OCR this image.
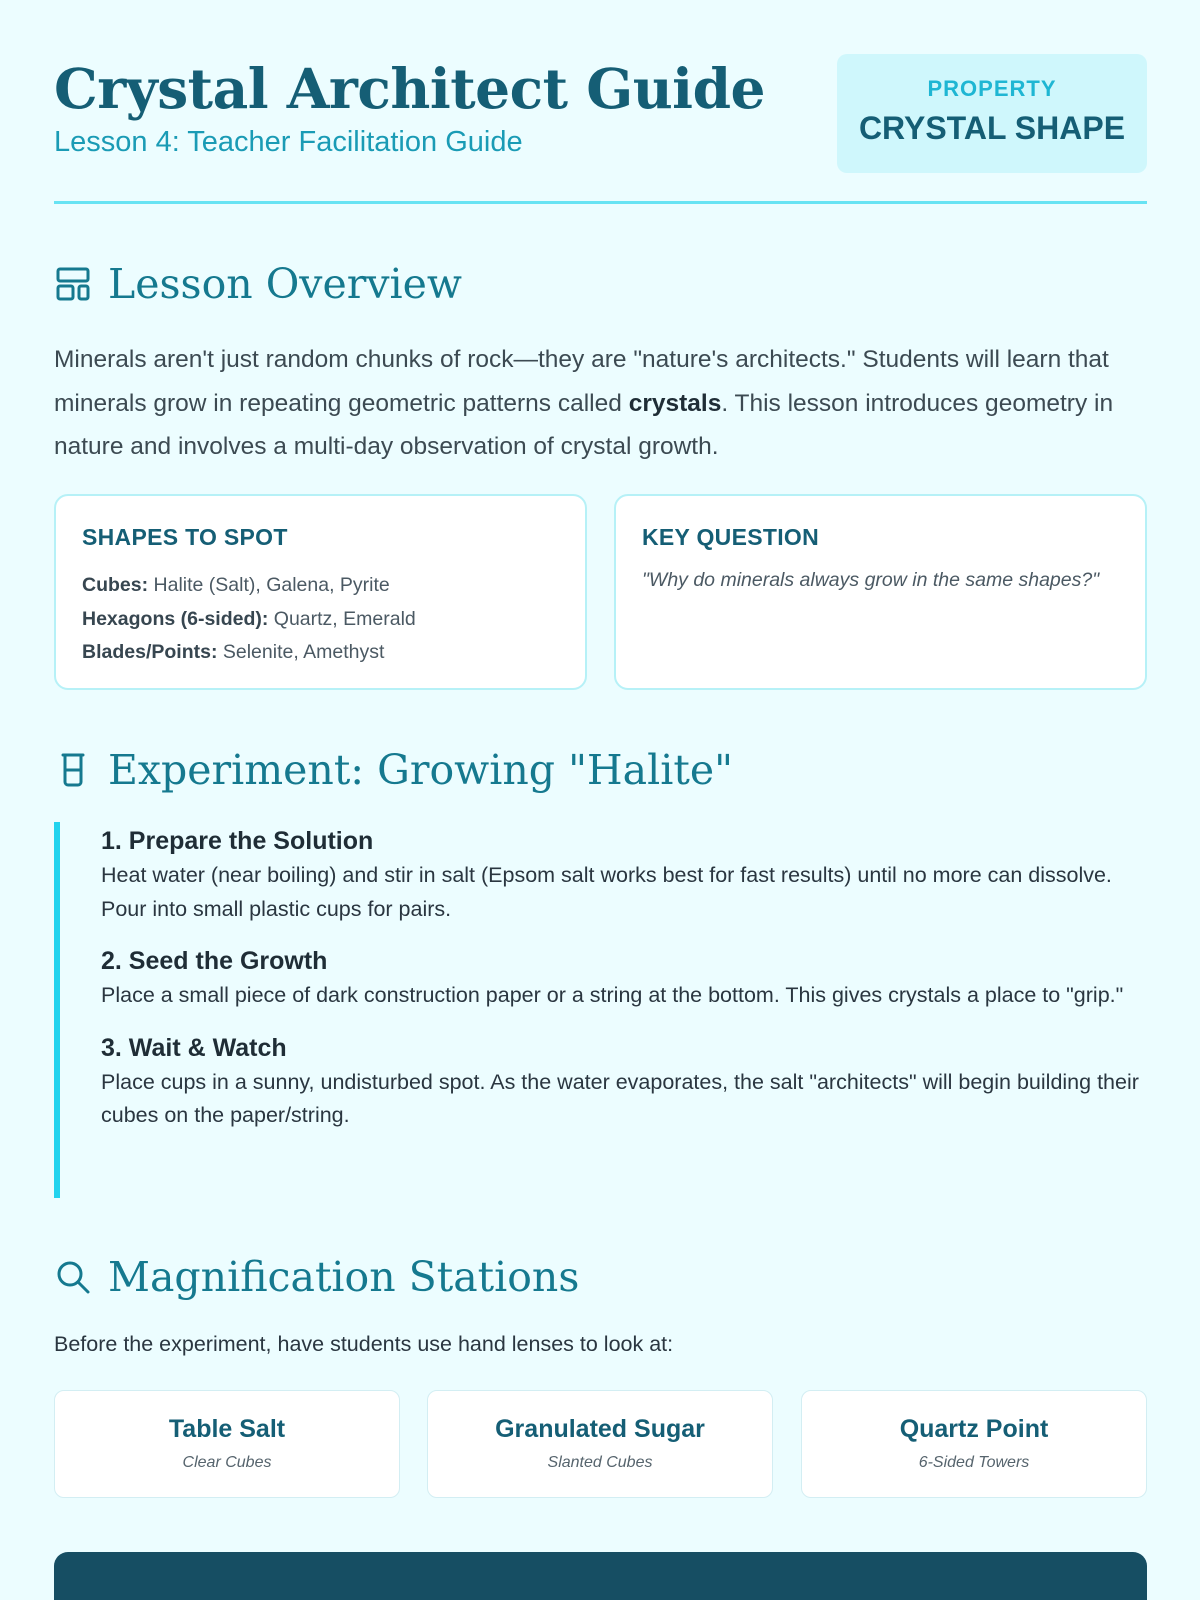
Crystal Architect Guide
Lesson 4: Teacher Facilitation Guide
PROPERTY
CRYSTAL SHAPE
Lesson Overview

Minerals aren't just random chunks of rock—they are "nature's architects." Students will learn that minerals grow in repeating geometric patterns called crystals. This lesson introduces geometry in nature and involves a multi-day observation of crystal growth.

SHAPES TO SPOT
Cubes: Halite (Salt), Galena, Pyrite
Hexagons (6-sided): Quartz, Emerald
Blades/Points: Selenite, Amethyst
KEY QUESTION
"Why do minerals always grow in the same shapes?"
Experiment: Growing "Halite"
1. Prepare the Solution

Heat water (near boiling) and stir in salt (Epsom salt works best for fast results) until no more can dissolve. Pour into small plastic cups for pairs.

2. Seed the Growth

Place a small piece of dark construction paper or a string at the bottom. This gives crystals a place to "grip."

3. Wait & Watch

Place cups in a sunny, undisturbed spot. As the water evaporates, the salt "architects" will begin building their cubes on the paper/string.

Magnification Stations
Before the experiment, have students use hand lenses to look at:
Table Salt
Clear Cubes
Granulated Sugar
Slanted Cubes
Quartz Point
6-Sided Towers
